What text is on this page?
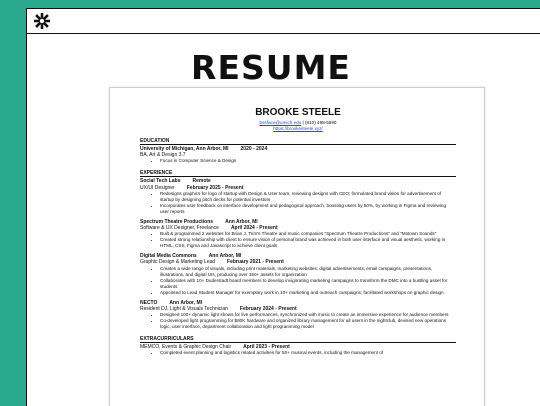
RESUME
BROOKE STEELE
bssface@umich.edu | (810) 498-5590
https://brookesteele.xyz/
EDUCATION
University of Michigan, Ann Arbor, MI 2020 - 2024
BA, Art & Design 3.7
• Focus in Computer Science & Design
EXPERIENCE
Social Tech Labs Remote
UX/UI Designer February 2025 - Present
• Redesigns graphics for logo of startup with Design & User team, reviewing designs with CEO; formulated brand vision for advertisement of startup by designing pitch decks for potential investors
• Incorporates user feedback on interface development and pedagogical approach, boosting users by 50%, by working in Figma and reviewing user reports
Spectrum Theatre Productions Ann Arbor, MI
Software & UX Designer, Freelance April 2024 - Present
• Built & programmed 2 websites for Brian J. Trim's Theatre and music companies "Spectrum Theatre Productions" and "Motown Sounds"
• Created strong relationship with client to ensure vision of personal brand was achieved in both user interface and visual aesthetic, working in HTML, CSS, Figma and Javascript to achieve client goals
Digital Media Commons Ann Arbor, MI
Graphic Design & Marketing Lead February 2021 - Present
• Creates a wide range of visuals, including print materials, marketing websites, digital advertisements, email campaigns, presentations, illustrations, and digital UIs, producing over 150+ assets for organization
• Collaborates with 10+ Duderstadt board members to develop invigorating marketing campaigns to transform the DMC into a bustling asset for students
• Appointed to Lead Student Manager for exemplary work in 10+ marketing and outreach campaigns; facilitated workshops on graphic design
NECTO Ann Arbor, MI
Resident DJ, Light & Visuals Technician February 2024 - Present
• Designed 100+ dynamic light shows for live performances, synchronized with music to create an immersive experience for audience members
• Co-developed light programming for $80K hardware and organized library management for all users in the nightclub, devised new operations logic, user interface, department collaboration and light programming model
EXTRACURRICULARS
MEMCO, Events & Graphic Design Chair April 2023 - Present
• Completed event planning and logistics related activities for 50+ musical events, including the management of
